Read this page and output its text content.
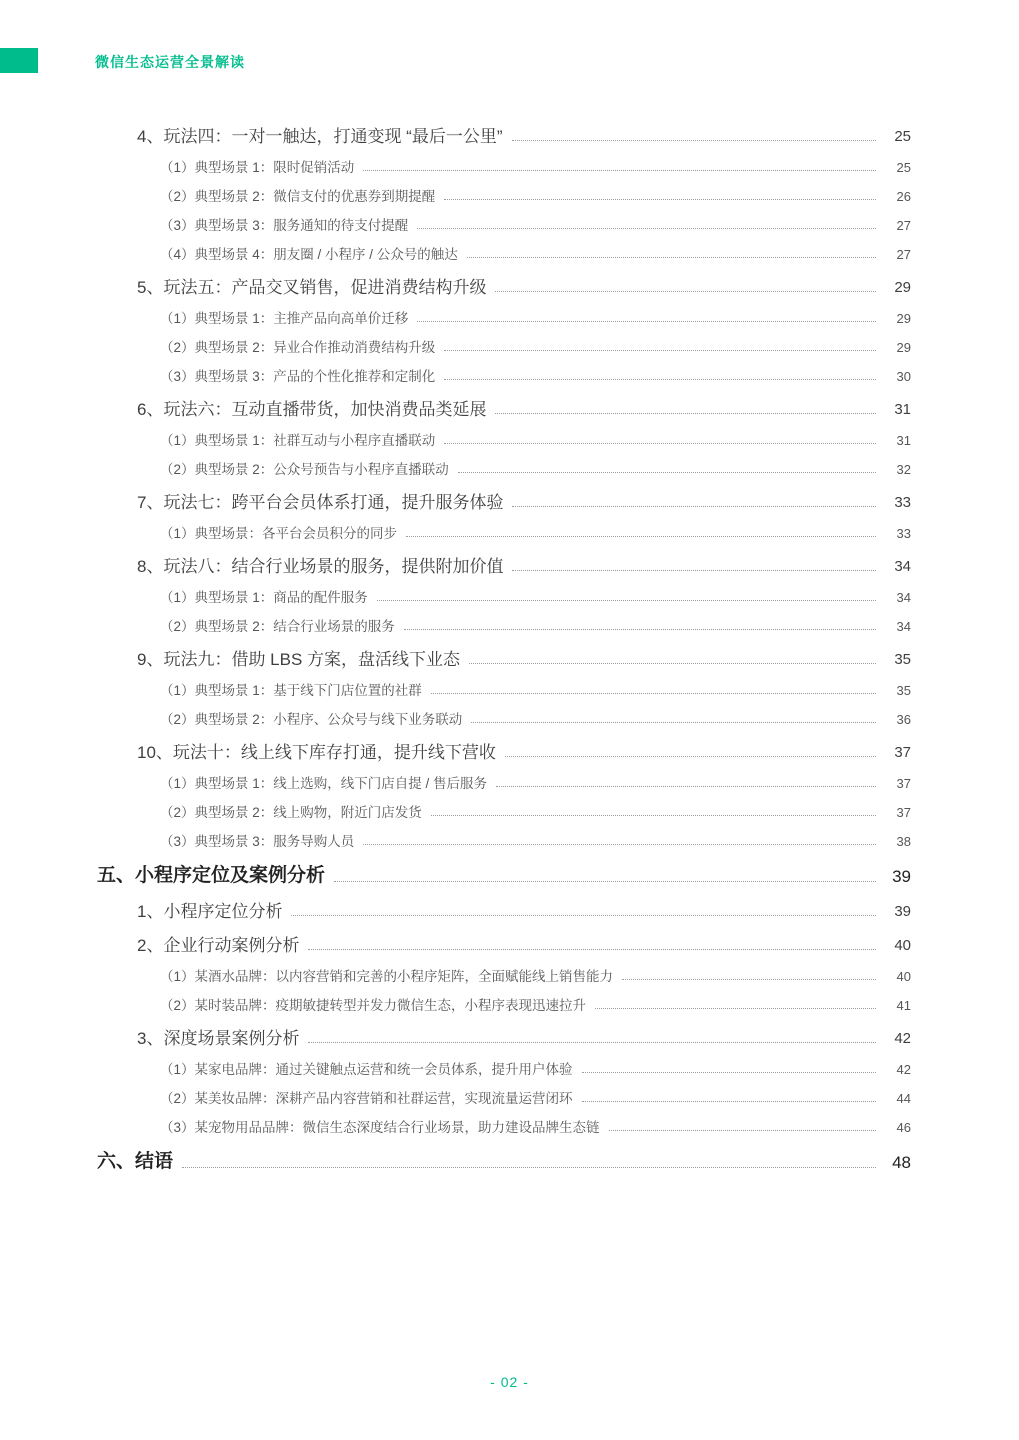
微信生态运营全景解读
4、玩法四：一对一触达，打通变现 “最后一公里”	25
（1）典型场景 1：限时促销活动	25
（2）典型场景 2：微信支付的优惠券到期提醒	26
（3）典型场景 3：服务通知的待支付提醒	27
（4）典型场景 4：朋友圈 / 小程序 / 公众号的触达	27
5、玩法五：产品交叉销售，促进消费结构升级	29
（1）典型场景 1：主推产品向高单价迁移	29
（2）典型场景 2：异业合作推动消费结构升级	29
（3）典型场景 3：产品的个性化推荐和定制化	30
6、玩法六：互动直播带货，加快消费品类延展	31
（1）典型场景 1：社群互动与小程序直播联动	31
（2）典型场景 2：公众号预告与小程序直播联动	32
7、玩法七：跨平台会员体系打通，提升服务体验	33
（1）典型场景：各平台会员积分的同步	33
8、玩法八：结合行业场景的服务，提供附加价值	34
（1）典型场景 1：商品的配件服务	34
（2）典型场景 2：结合行业场景的服务	34
9、玩法九：借助 LBS 方案，盘活线下业态	35
（1）典型场景 1：基于线下门店位置的社群	35
（2）典型场景 2：小程序、公众号与线下业务联动	36
10、玩法十：线上线下库存打通，提升线下营收	37
（1）典型场景 1：线上选购，线下门店自提 / 售后服务	37
（2）典型场景 2：线上购物，附近门店发货	37
（3）典型场景 3：服务导购人员	38
五、小程序定位及案例分析	39
1、小程序定位分析	39
2、企业行动案例分析	40
（1）某酒水品牌：以内容营销和完善的小程序矩阵，全面赋能线上销售能力	40
（2）某时装品牌：疫期敏捷转型并发力微信生态，小程序表现迅速拉升	41
3、深度场景案例分析	42
（1）某家电品牌：通过关键触点运营和统一会员体系，提升用户体验	42
（2）某美妆品牌：深耕产品内容营销和社群运营，实现流量运营闭环	44
（3）某宠物用品品牌：微信生态深度结合行业场景，助力建设品牌生态链	46
六、结语	48
- 02 -
